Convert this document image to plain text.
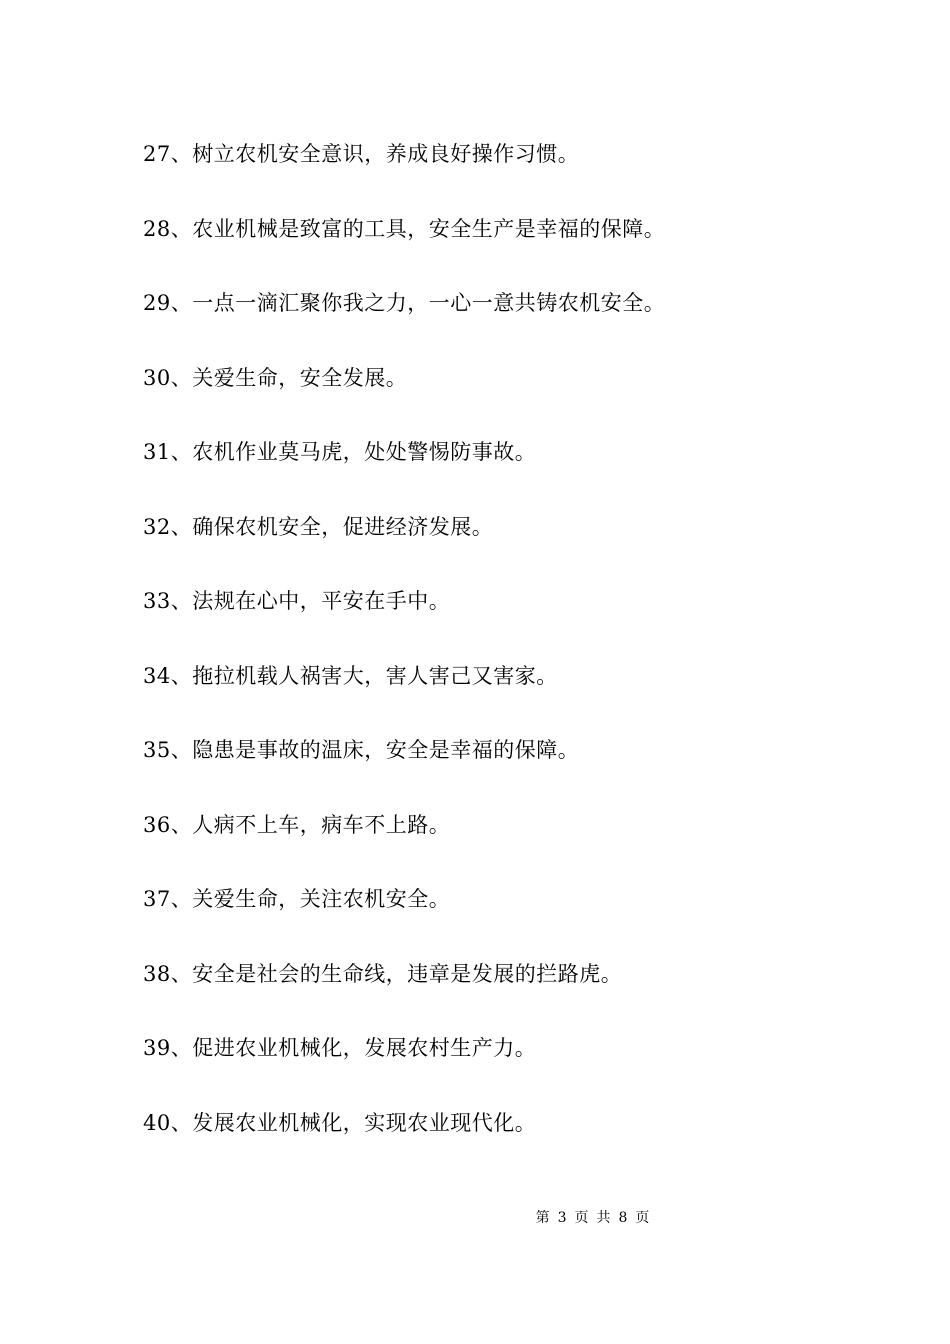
27、树立农机安全意识，养成良好操作习惯。
28、农业机械是致富的工具，安全生产是幸福的保障。
29、一点一滴汇聚你我之力，一心一意共铸农机安全。
30、关爱生命，安全发展。
31、农机作业莫马虎，处处警惕防事故。
32、确保农机安全，促进经济发展。
33、法规在心中，平安在手中。
34、拖拉机载人祸害大，害人害己又害家。
35、隐患是事故的温床，安全是幸福的保障。
36、人病不上车，病车不上路。
37、关爱生命，关注农机安全。
38、安全是社会的生命线，违章是发展的拦路虎。
39、促进农业机械化，发展农村生产力。
40、发展农业机械化，实现农业现代化。
第 3 页 共 8 页
